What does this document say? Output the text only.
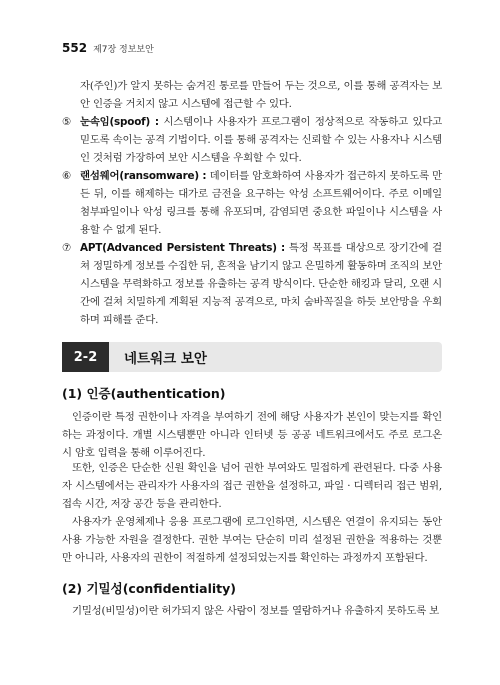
552 제7장 정보보안
자(주인)가 알지 못하는 숨겨진 통로를 만들어 두는 것으로, 이를 통해 공격자는 보안 인증을 거치지 않고 시스템에 접근할 수 있다.
⑤ 눈속임(spoof) : 시스템이나 사용자가 프로그램이 정상적으로 작동하고 있다고 믿도록 속이는 공격 기법이다. 이를 통해 공격자는 신뢰할 수 있는 사용자나 시스템인 것처럼 가장하여 보안 시스템을 우회할 수 있다.
⑥ 랜섬웨어(ransomware) : 데이터를 암호화하여 사용자가 접근하지 못하도록 만든 뒤, 이를 해제하는 대가로 금전을 요구하는 악성 소프트웨어이다. 주로 이메일 첨부파일이나 악성 링크를 통해 유포되며, 감염되면 중요한 파일이나 시스템을 사용할 수 없게 된다.
⑦ APT(Advanced Persistent Threats) : 특정 목표를 대상으로 장기간에 걸쳐 정밀하게 정보를 수집한 뒤, 흔적을 남기지 않고 은밀하게 활동하며 조직의 보안 시스템을 무력화하고 정보를 유출하는 공격 방식이다. 단순한 해킹과 달리, 오랜 시간에 걸쳐 치밀하게 계획된 지능적 공격으로, 마치 숨바꼭질을 하듯 보안망을 우회하며 피해를 준다.
2-2	네트워크 보안
(1) 인증(authentication)

인증이란 특정 권한이나 자격을 부여하기 전에 해당 사용자가 본인이 맞는지를 확인하는 과정이다. 개별 시스템뿐만 아니라 인터넷 등 공공 네트워크에서도 주로 로그온 시 암호 입력을 통해 이루어진다.

또한, 인증은 단순한 신원 확인을 넘어 권한 부여와도 밀접하게 관련된다. 다중 사용자 시스템에서는 관리자가 사용자의 접근 권한을 설정하고, 파일 · 디렉터리 접근 범위, 접속 시간, 저장 공간 등을 관리한다.

사용자가 운영체제나 응용 프로그램에 로그인하면, 시스템은 연결이 유지되는 동안 사용 가능한 자원을 결정한다. 권한 부여는 단순히 미리 설정된 권한을 적용하는 것뿐만 아니라, 사용자의 권한이 적절하게 설정되었는지를 확인하는 과정까지 포함된다.

(2) 기밀성(confidentiality)

기밀성(비밀성)이란 허가되지 않은 사람이 정보를 열람하거나 유출하지 못하도록 보
